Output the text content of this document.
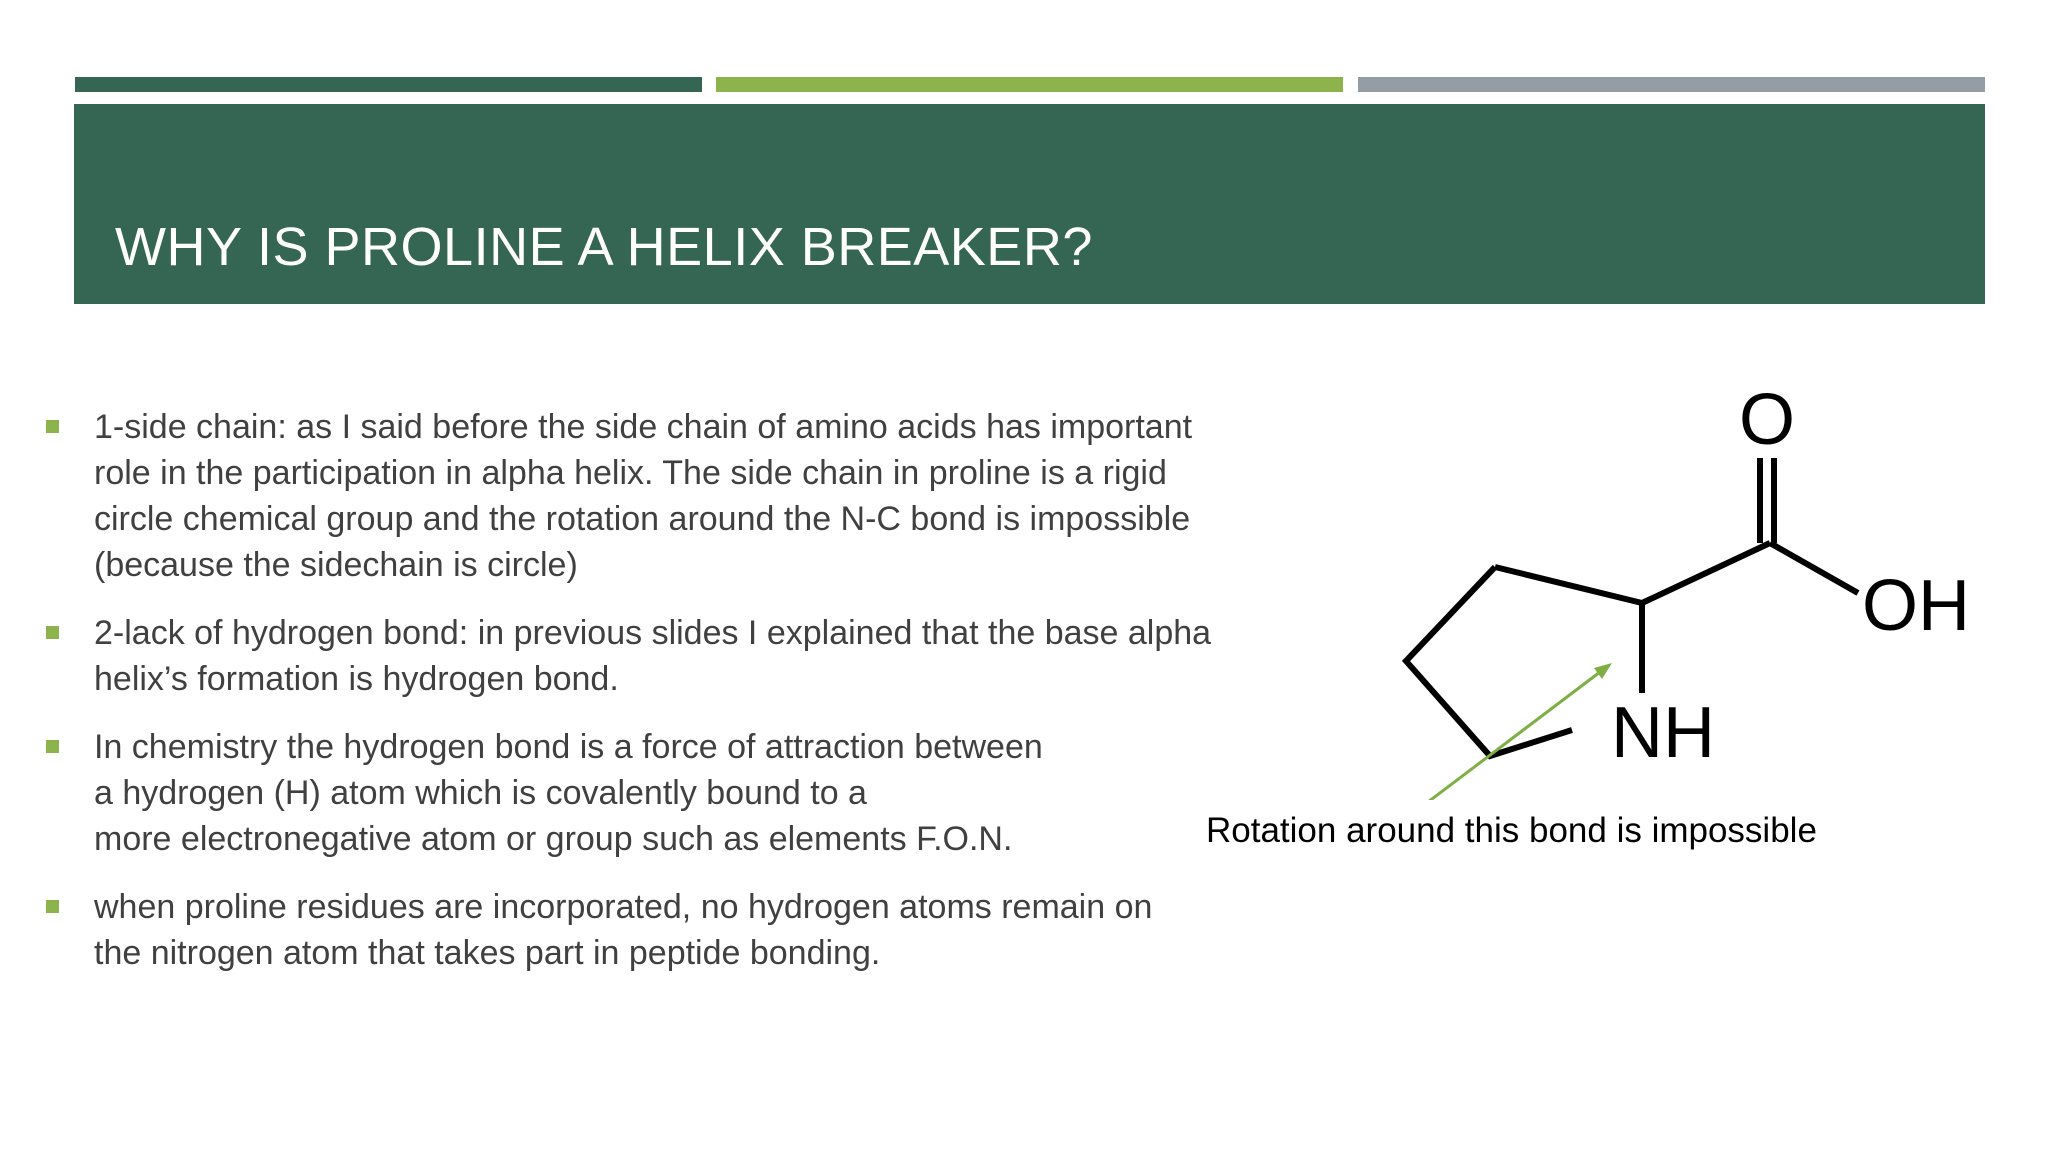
WHY IS PROLINE A HELIX BREAKER?
1-side chain: as I said before the side chain of amino acids has important
role in the participation in alpha helix. The side chain in proline is a rigid
circle chemical group and the rotation around the N-C bond is impossible
(because the sidechain is circle)
2-lack of hydrogen bond: in previous slides I explained that the base alpha
helix’s formation is hydrogen bond.
In chemistry the hydrogen bond is a force of attraction between
a hydrogen (H) atom which is covalently bound to a
more electronegative atom or group such as elements F.O.N.
when proline residues are incorporated, no hydrogen atoms remain on
the nitrogen atom that takes part in peptide bonding.
O
OH
NH
Rotation around this bond is impossible
